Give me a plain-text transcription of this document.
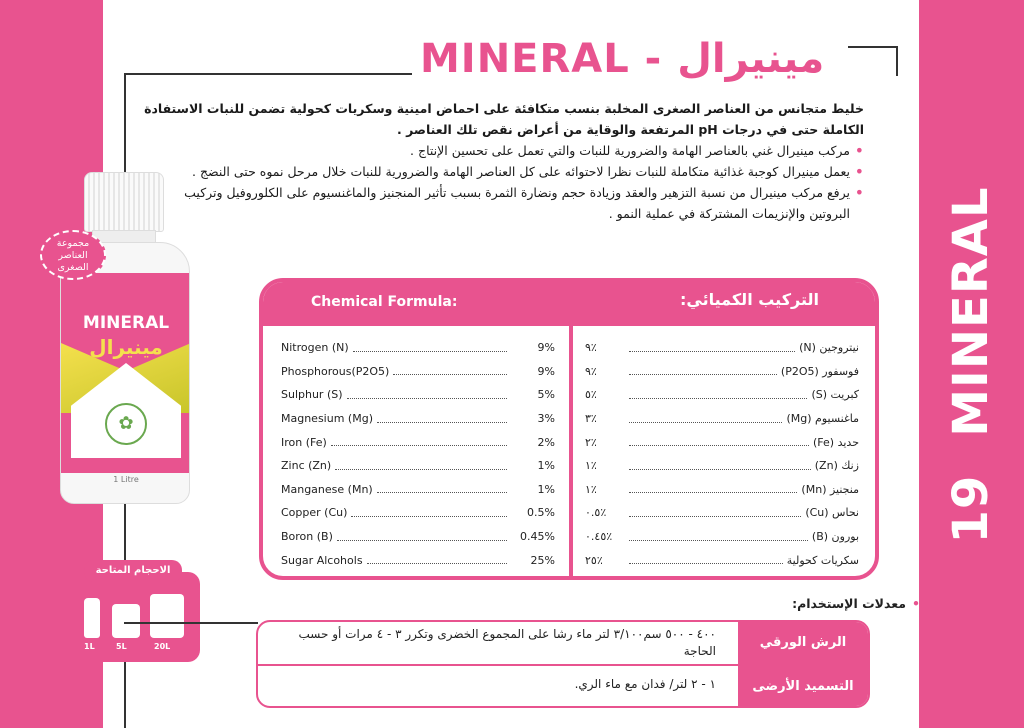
19MINERAL
MINERAL - مينيرال

خليط متجانس من العناصر الصغرى المخلبة بنسب متكافئة على احماض امينية وسكريات كحولية تضمن للنبات الاستفادة الكاملة حتى في درجات pH المرتفعة والوقاية من أعراض نقص تلك العناصر .

• مركب مينيرال غني بالعناصر الهامة والضرورية للنبات والتي تعمل على تحسين الإنتاج .
• يعمل مينيرال كوجبة غذائية متكاملة للنبات نظرا لاحتوائه على كل العناصر الهامة والضرورية للنبات خلال مرحل نموه حتى النضج .
• يرفع مركب مينيرال من نسبة التزهير والعقد وزيادة حجم ونضارة الثمرة بسبب تأثير المنجنيز والماغنسيوم على الكلوروفيل وتركيب البروتين والإنزيمات المشتركة في عملية النمو .
MINERAL
مينيرال
✿
1 Litre
مجموعة العناصر الصغرى
1L	5L	20L
الاحجام المتاحة
Chemical Formula:	التركيب الكميائي:
Nitrogen (N)	9%
Phosphorous(P2O5)	9%
Sulphur (S)	5%
Magnesium (Mg)	3%
Iron (Fe)	2%
Zinc (Zn)	1%
Manganese (Mn)	1%
Copper (Cu)	0.5%
Boron (B)	0.45%
Sugar Alcohols	25%
نيتروجين (N)
٪٩
فوسفور (P2O5)
٪٩
كبريت (S)
٪٥
ماغنسيوم (Mg)
٪٣
حديد (Fe)
٪٢
زنك (Zn)
٪١
منجنيز (Mn)
٪١
نحاس (Cu)
٪٠.٥
بورون (B)
٪٠.٤٥
سكريات كحولية
٪٢٥
• معدلات الإستخدام:
الرش الورقي
٤٠٠ - ٥٠٠ سم٣/١٠٠ لتر ماء رشا على المجموع الخضرى وتكرر ٣ - ٤ مرات أو حسب الحاجة
التسميد الأرضى
١ - ٢ لتر/ فدان مع ماء الري.
